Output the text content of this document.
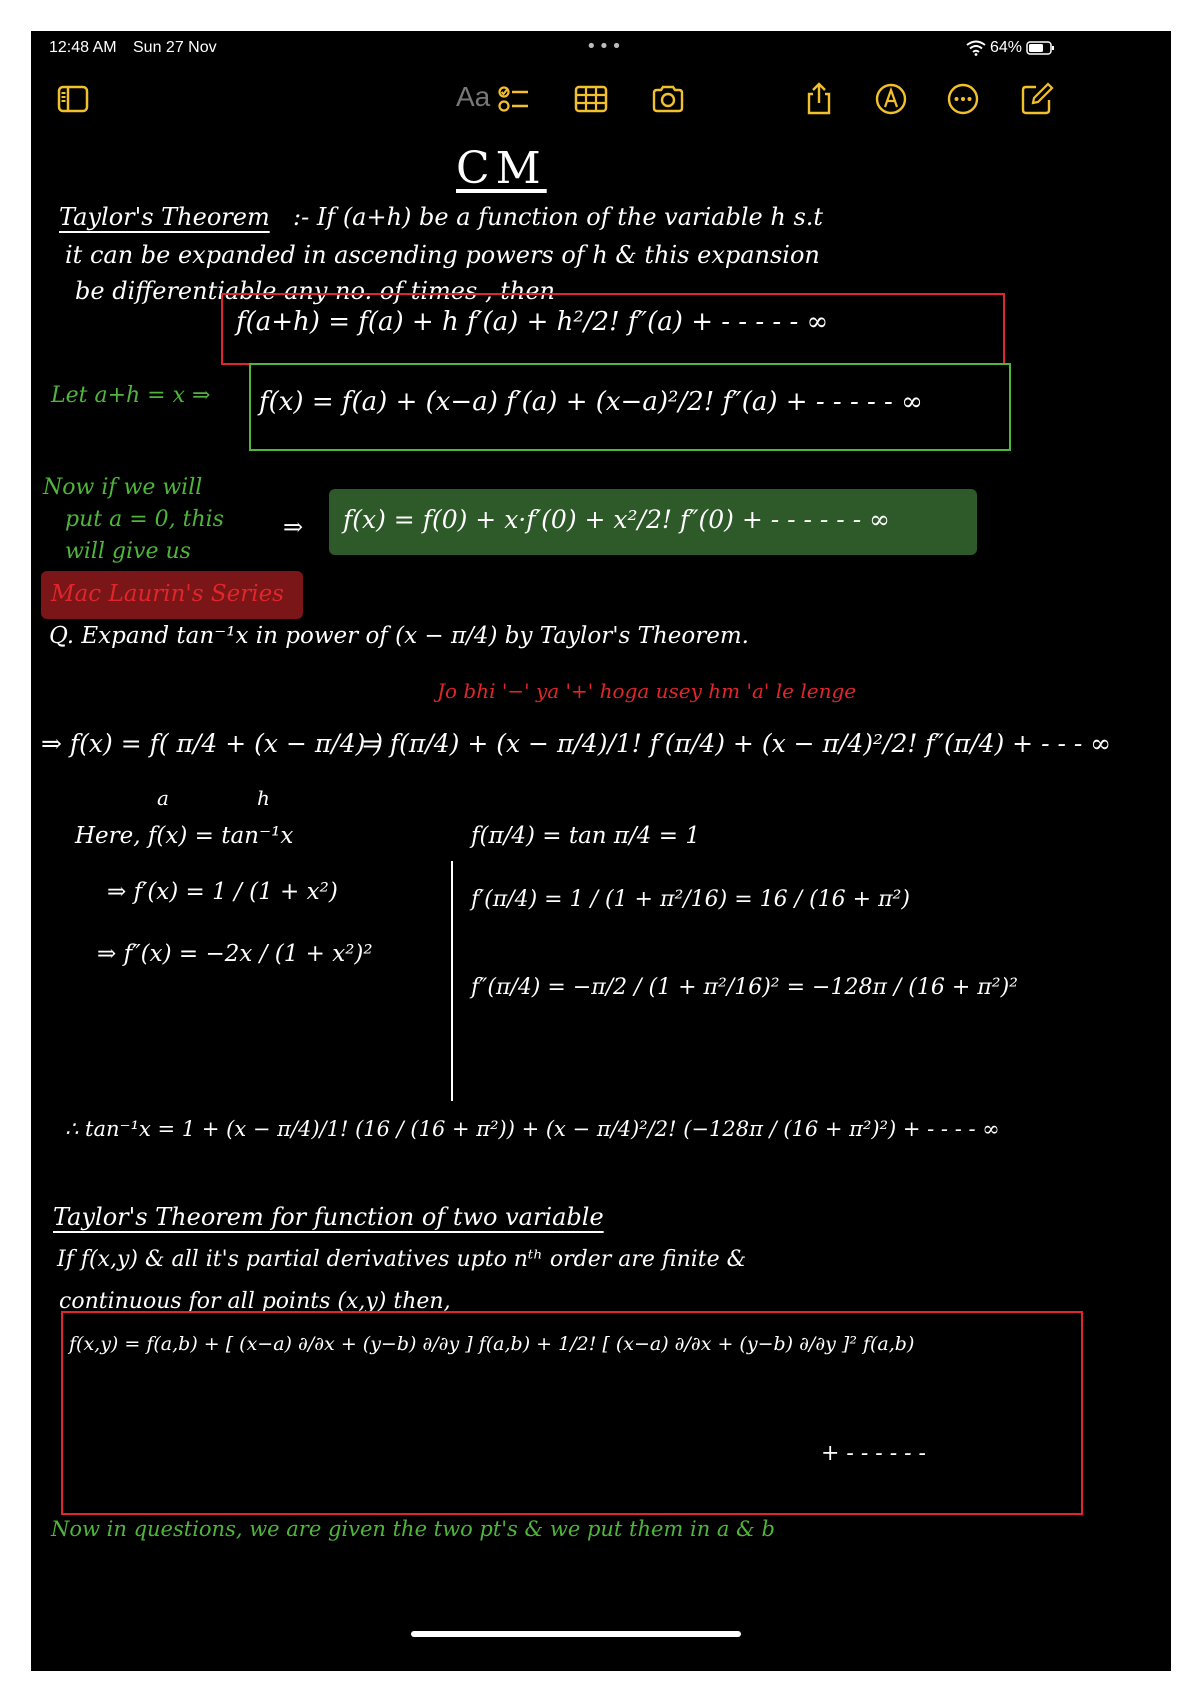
12:48 AM Sun 27 Nov	•••	64%
Aa
CM
Taylor's Theorem :- If (a+h) be a function of the variable h s.t
it can be expanded in ascending powers of h & this expansion
be differentiable any no. of times , then
f(a+h) = f(a) + h f′(a) + h²/2! f″(a) + - - - - - ∞
Let a+h = x ⇒ f(x) = f(a) + (x−a) f′(a) + (x−a)²/2! f″(a) + - - - - - ∞
Now if we will
put a = 0, this
will give us
⇒ f(x) = f(0) + x·f′(0) + x²/2! f″(0) + - - - - - - ∞
Mac Laurin's Series
Q. Expand tan⁻¹x in power of (x − π/4) by Taylor's Theorem.
Jo bhi '−' ya '+' hoga usey hm 'a' le lenge
⇒ f(x) = f( π/4 + (x − π/4) )
= f(π/4) + (x − π/4)/1! f′(π/4) + (x − π/4)²/2! f″(π/4) + - - - ∞
a	h
Here, f(x) = tan⁻¹x
⇒ f′(x) = 1 / (1 + x²)
⇒ f″(x) = −2x / (1 + x²)²
f(π/4) = tan π/4 = 1
f′(π/4) = 1 / (1 + π²/16) = 16 / (16 + π²)
f″(π/4) = −π/2 / (1 + π²/16)² = −128π / (16 + π²)²
∴ tan⁻¹x = 1 + (x − π/4)/1! (16 / (16 + π²)) + (x − π/4)²/2! (−128π / (16 + π²)²) + - - - - ∞
Taylor's Theorem for function of two variable
If f(x,y) & all it's partial derivatives upto nᵗʰ order are finite &
continuous for all points (x,y) then,
f(x,y) = f(a,b) + [ (x−a) ∂/∂x + (y−b) ∂/∂y ] f(a,b) + 1/2! [ (x−a) ∂/∂x + (y−b) ∂/∂y ]² f(a,b)
+ - - - - - -
Now in questions, we are given the two pt's & we put them in a & b
